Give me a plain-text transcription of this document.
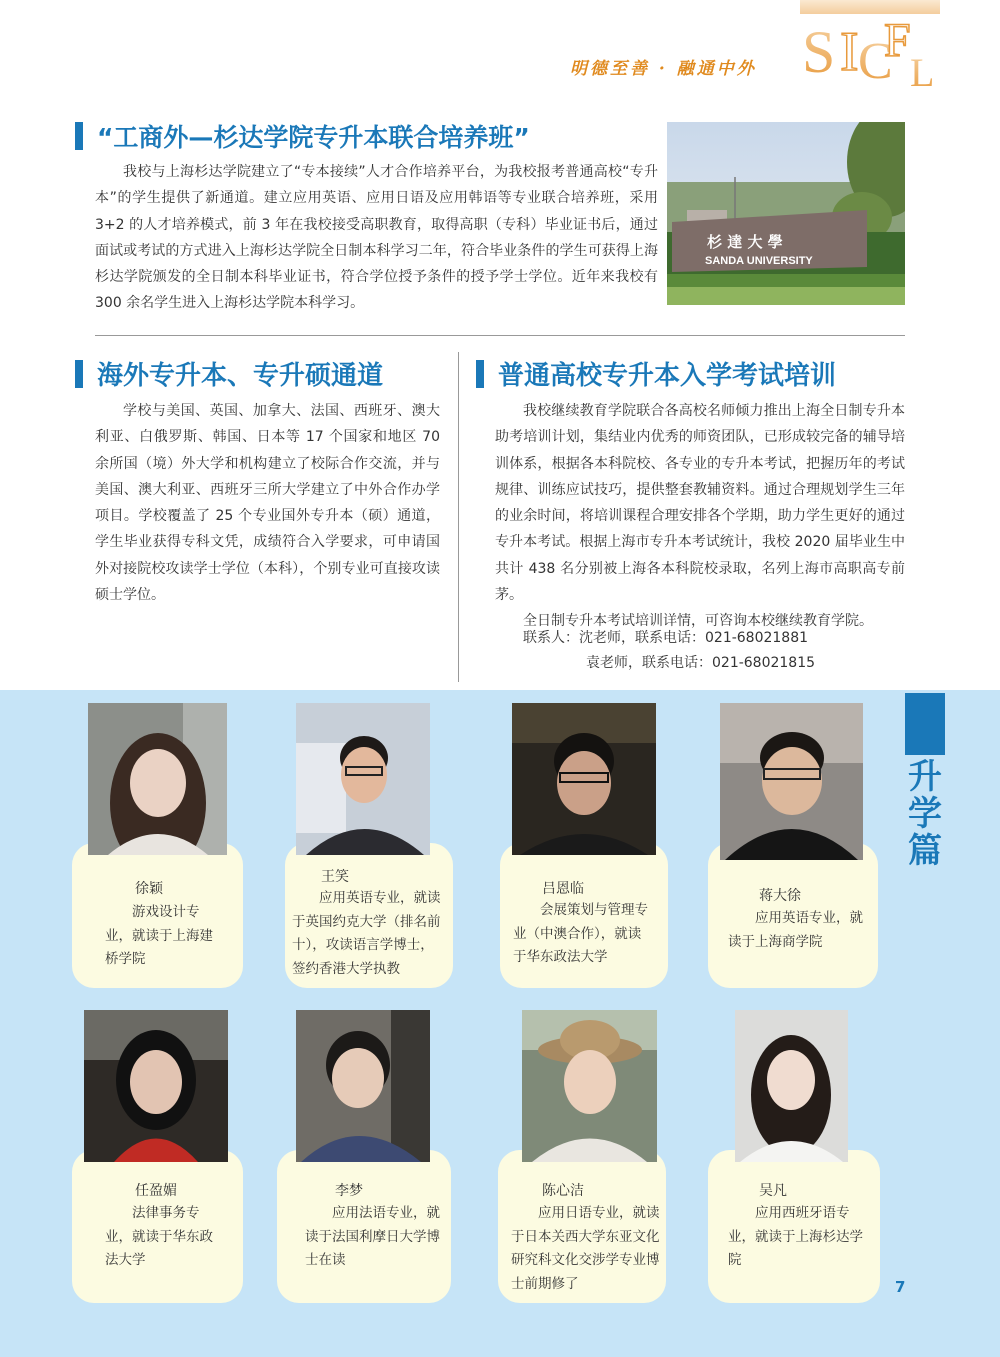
明德至善 · 融通中外 S I C
F
L
“工商外—杉达学院专升本联合培养班”

我校与上海杉达学院建立了“专本接续”人才合作培养平台，为我校报考普通高校“专升本”的学生提供了新通道。建立应用英语、应用日语及应用韩语等专业联合培养班，采用 3+2 的人才培养模式，前 3 年在我校接受高职教育，取得高职（专科）毕业证书后，通过面试或考试的方式进入上海杉达学院全日制本科学习二年，符合毕业条件的学生可获得上海杉达学院颁发的全日制本科毕业证书，符合学位授予条件的授予学士学位。近年来我校有 300 余名学生进入上海杉达学院本科学习。

杉 達 大 學
SANDA UNIVERSITY
海外专升本、专升硕通道

学校与美国、英国、加拿大、法国、西班牙、澳大利亚、白俄罗斯、韩国、日本等 17 个国家和地区 70 余所国（境）外大学和机构建立了校际合作交流，并与美国、澳大利亚、西班牙三所大学建立了中外合作办学项目。学校覆盖了 25 个专业国外专升本（硕）通道，学生毕业获得专科文凭，成绩符合入学要求，可申请国外对接院校攻读学士学位（本科），个别专业可直接攻读硕士学位。

普通高校专升本入学考试培训

我校继续教育学院联合各高校名师倾力推出上海全日制专升本助考培训计划，集结业内优秀的师资团队，已形成较完备的辅导培训体系，根据各本科院校、各专业的专升本考试，把握历年的考试规律、训练应试技巧，提供整套教辅资料。通过合理规划学生三年的业余时间，将培训课程合理安排各个学期，助力学生更好的通过专升本考试。根据上海市专升本考试统计，我校 2020 届毕业生中共计 438 名分别被上海各本科院校录取，名列上海市高职高专前茅。

全日制专升本考试培训详情，可咨询本校继续教育学院。

联系人：沈老师，联系电话：021-68021881
袁老师，联系电话：021-68021815
升学篇
徐颖

游戏设计专业，就读于上海建桥学院

王笑

应用英语专业，就读于英国约克大学（排名前十），攻读语言学博士，签约香港大学执教

吕恩临

会展策划与管理专业（中澳合作），就读于华东政法大学

蒋大徐

应用英语专业，就读于上海商学院

任盈媚

法律事务专业，就读于华东政法大学

李梦

应用法语专业，就读于法国利摩日大学博士在读

陈心洁

应用日语专业，就读于日本关西大学东亚文化研究科文化交涉学专业博士前期修了

吴凡

应用西班牙语专业，就读于上海杉达学院

7
